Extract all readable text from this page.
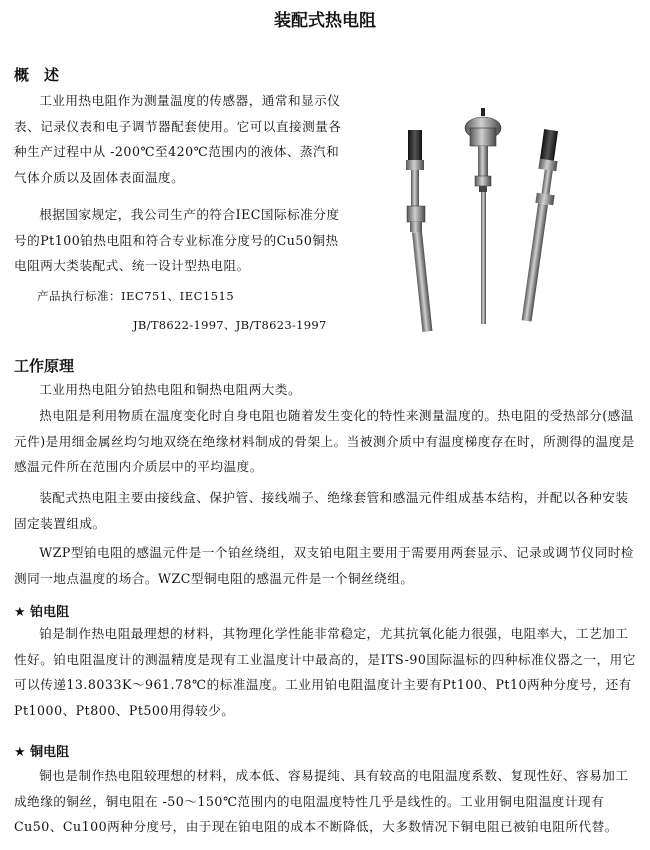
装配式热电阻
概　述
工业用热电阻作为测量温度的传感器，通常和显示仪表、记录仪表和电子调节器配套使用。它可以直接测量各种生产过程中从 -200℃至420℃范围内的液体、蒸汽和气体介质以及固体表面温度。
根据国家规定，我公司生产的符合IEC国际标准分度号的Pt100铂热电阻和符合专业标准分度号的Cu50铜热电阻两大类装配式、统一设计型热电阻。
产品执行标准：IEC751、IEC1515
JB/T8622-1997、JB/T8623-1997
工作原理
工业用热电阻分铂热电阻和铜热电阻两大类。
热电阻是利用物质在温度变化时自身电阻也随着发生变化的特性来测量温度的。热电阻的受热部分(感温元件)是用细金属丝均匀地双绕在绝缘材料制成的骨架上。当被测介质中有温度梯度存在时，所测得的温度是感温元件所在范围内介质层中的平均温度。
装配式热电阻主要由接线盒、保护管、接线端子、绝缘套管和感温元件组成基本结构，并配以各种安装固定装置组成。
WZP型铂电阻的感温元件是一个铂丝绕组，双支铂电阻主要用于需要用两套显示、记录或调节仪同时检测同一地点温度的场合。WZC型铜电阻的感温元件是一个铜丝绕组。
★ 铂电阻
铂是制作热电阻最理想的材料，其物理化学性能非常稳定，尤其抗氧化能力很强，电阻率大，工艺加工性好。铂电阻温度计的测温精度是现有工业温度计中最高的，是ITS-90国际温标的四种标准仪器之一，用它可以传递13.8033K～961.78℃的标准温度。工业用铂电阻温度计主要有Pt100、Pt10两种分度号，还有Pt1000、Pt800、Pt500用得较少。
★ 铜电阻
铜也是制作热电阻较理想的材料，成本低、容易提纯、具有较高的电阻温度系数、复现性好、容易加工成绝缘的铜丝，铜电阻在 -50～150℃范围内的电阻温度特性几乎是线性的。工业用铜电阻温度计现有Cu50、Cu100两种分度号，由于现在铂电阻的成本不断降低，大多数情况下铜电阻已被铂电阻所代替。
